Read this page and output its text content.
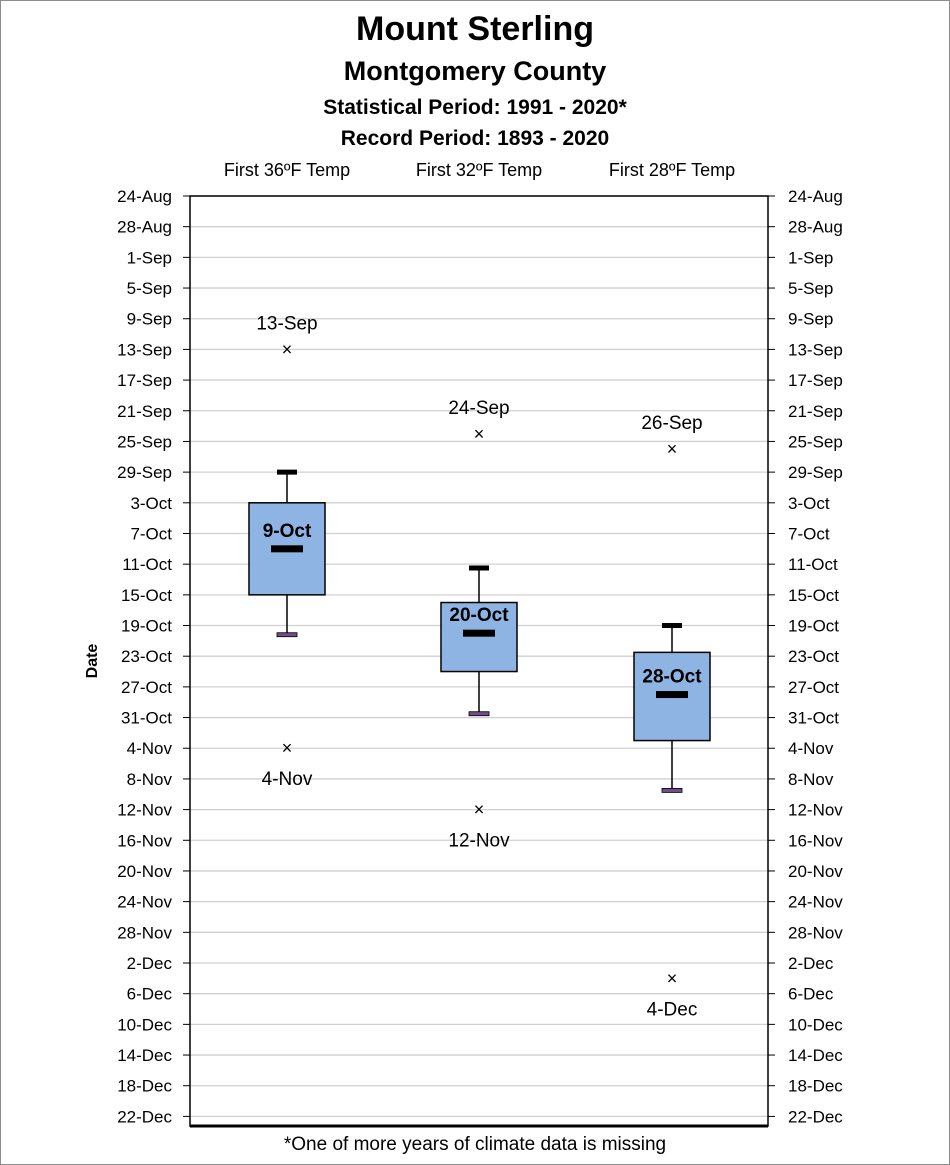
Mount Sterling
Montgomery County
Statistical Period: 1991 - 2020*
Record Period: 1893 - 2020
24-Aug	24-Aug
28-Aug	28-Aug
1-Sep	1-Sep
5-Sep	5-Sep
9-Sep	9-Sep
13-Sep	13-Sep
17-Sep	17-Sep
21-Sep	21-Sep
25-Sep	25-Sep
29-Sep	29-Sep
3-Oct	3-Oct
7-Oct	7-Oct
11-Oct	11-Oct
15-Oct	15-Oct
19-Oct	19-Oct
23-Oct	23-Oct
27-Oct	27-Oct
31-Oct	31-Oct
4-Nov	4-Nov
8-Nov	8-Nov
12-Nov	12-Nov
16-Nov	16-Nov
20-Nov	20-Nov
24-Nov	24-Nov
28-Nov	28-Nov
2-Dec	2-Dec
6-Dec	6-Dec
10-Dec	10-Dec
14-Dec	14-Dec
18-Dec	18-Dec
22-Dec	22-Dec
Date
First 36ºF Temp	First 32ºF Temp	First 28ºF Temp
9-Oct
×
13-Sep
×
4-Nov
20-Oct
×
24-Sep
×
12-Nov
28-Oct
×
26-Sep
×
4-Dec
*One of more years of climate data is missing
